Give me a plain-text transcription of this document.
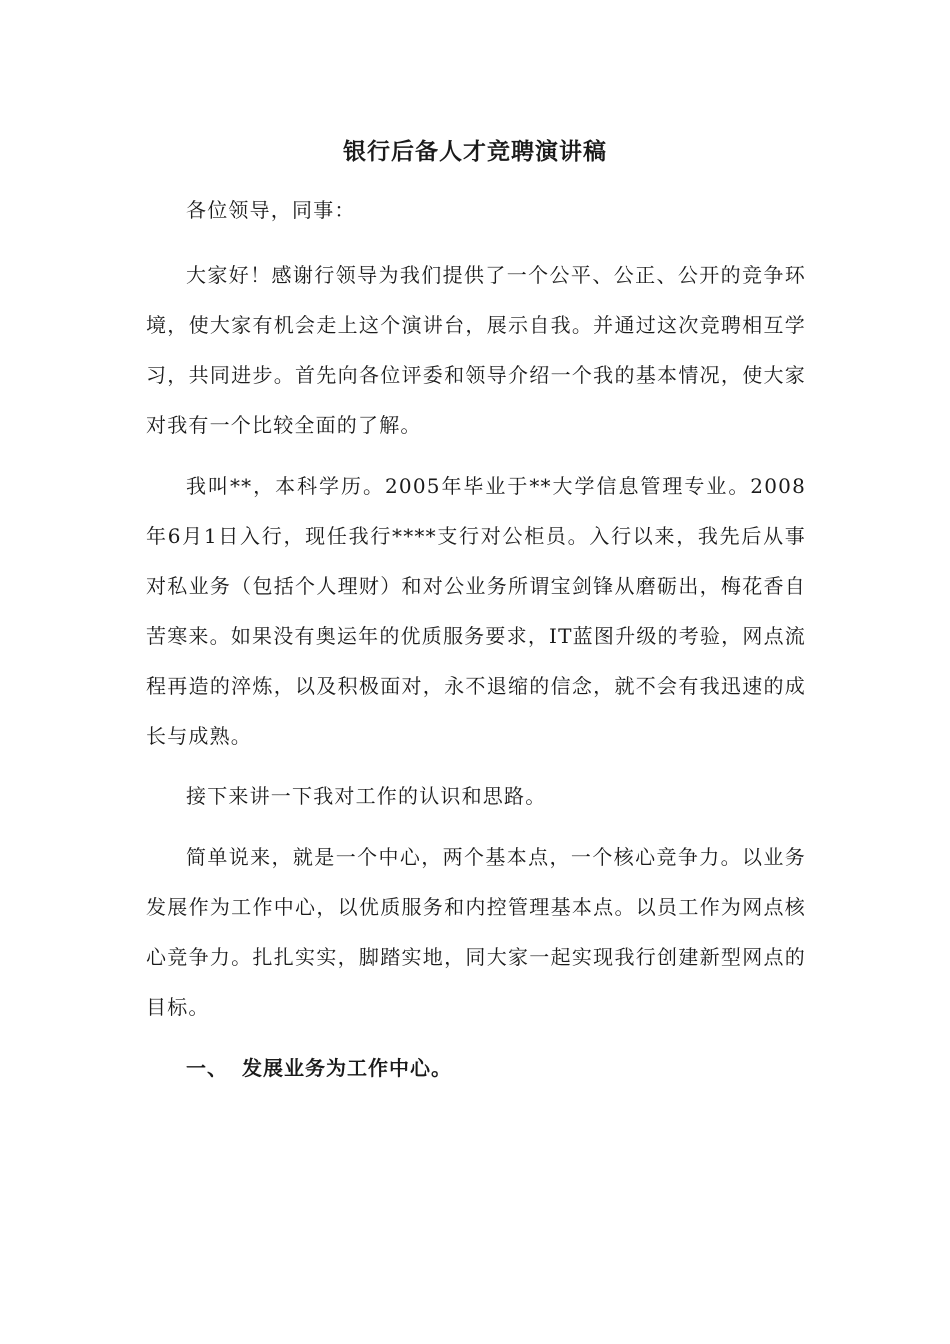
银行后备人才竞聘演讲稿

各位领导，同事：

大家好！感谢行领导为我们提供了一个公平、公正、公开的竞争环境，使大家有机会走上这个演讲台，展示自我。并通过这次竞聘相互学习，共同进步。首先向各位评委和领导介绍一个我的基本情况，使大家对我有一个比较全面的了解。

我叫**，本科学历。2005年毕业于**大学信息管理专业。2008年6月1日入行，现任我行****支行对公柜员。入行以来，我先后从事对私业务（包括个人理财）和对公业务所谓宝剑锋从磨砺出，梅花香自苦寒来。如果没有奥运年的优质服务要求，IT蓝图升级的考验，网点流程再造的淬炼，以及积极面对，永不退缩的信念，就不会有我迅速的成长与成熟。

接下来讲一下我对工作的认识和思路。

简单说来，就是一个中心，两个基本点，一个核心竞争力。以业务发展作为工作中心，以优质服务和内控管理基本点。以员工作为网点核心竞争力。扎扎实实，脚踏实地，同大家一起实现我行创建新型网点的目标。

一、 发展业务为工作中心。
